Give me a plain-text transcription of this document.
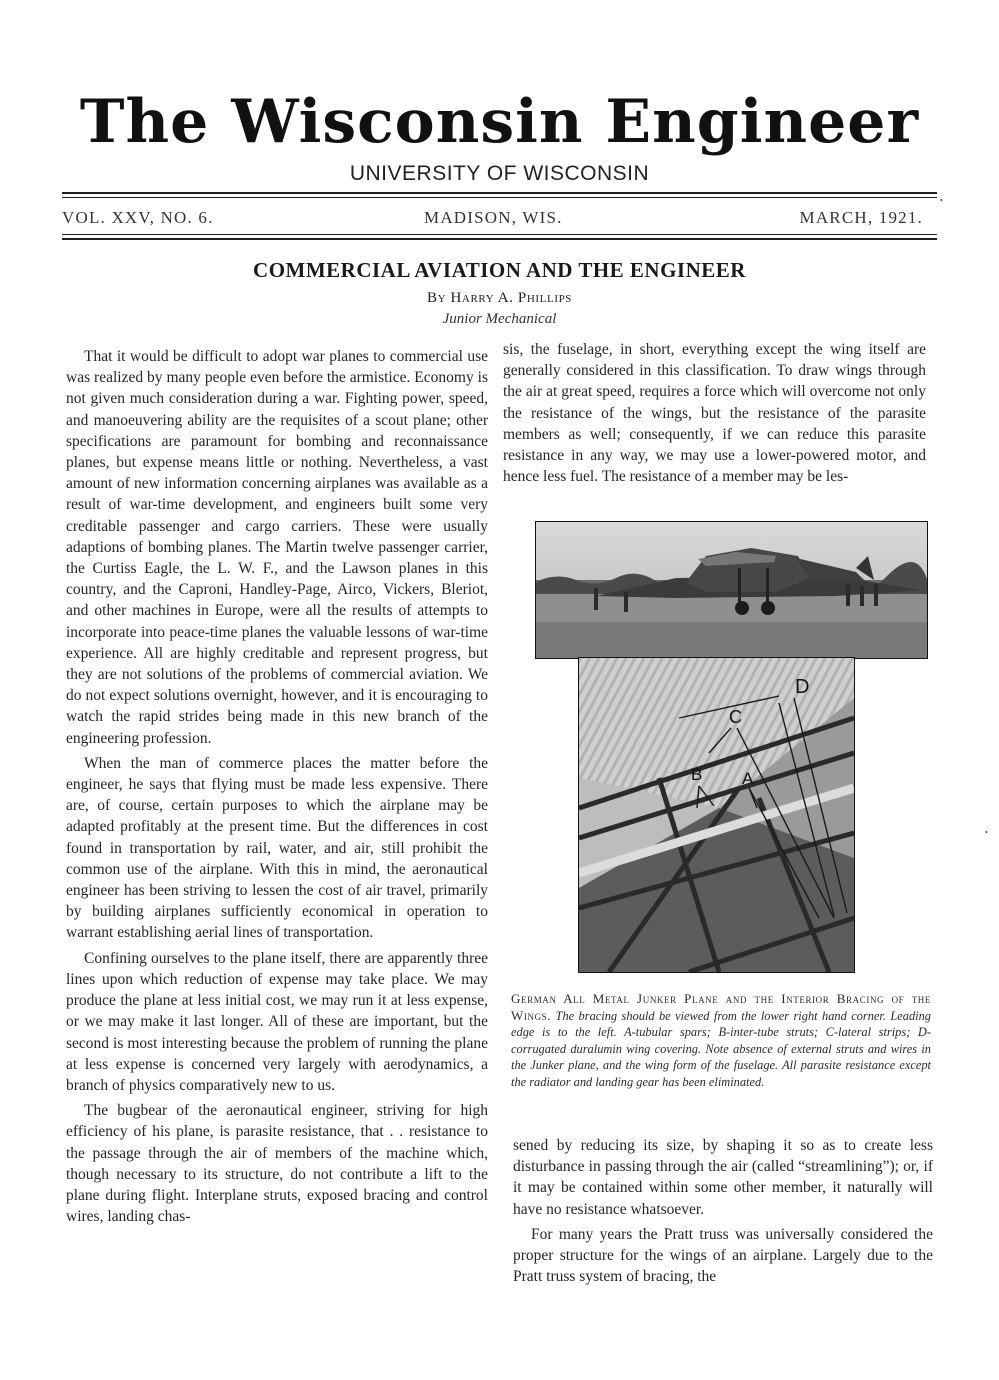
The Wisconsin Engineer
UNIVERSITY OF WISCONSIN
VOL. XXV, NO. 6.	MADISON, WIS.	MARCH, 1921.
COMMERCIAL AVIATION AND THE ENGINEER
By Harry A. Phillips
Junior Mechanical

That it would be difficult to adopt war planes to commercial use was realized by many people even before the armistice. Economy is not given much consideration during a war. Fighting power, speed, and manoeuvering ability are the requisites of a scout plane; other specifications are paramount for bombing and reconnaissance planes, but expense means little or nothing. Nevertheless, a vast amount of new information concerning airplanes was available as a result of war-time development, and engineers built some very creditable passenger and cargo carriers. These were usually adaptions of bombing planes. The Martin twelve passenger carrier, the Curtiss Eagle, the L. W. F., and the Lawson planes in this country, and the Caproni, Handley-Page, Airco, Vickers, Bleriot, and other machines in Europe, were all the results of attempts to incorporate into peace-time planes the valuable lessons of war-time experience. All are highly creditable and represent progress, but they are not solutions of the problems of commercial aviation. We do not expect solutions overnight, however, and it is encouraging to watch the rapid strides being made in this new branch of the engineering profession.

When the man of commerce places the matter before the engineer, he says that flying must be made less expensive. There are, of course, certain purposes to which the airplane may be adapted profitably at the present time. But the differences in cost found in transportation by rail, water, and air, still prohibit the common use of the airplane. With this in mind, the aeronautical engineer has been striving to lessen the cost of air travel, primarily by building airplanes sufficiently economical in operation to warrant establishing aerial lines of transportation.

Confining ourselves to the plane itself, there are apparently three lines upon which reduction of expense may take place. We may produce the plane at less initial cost, we may run it at less expense, or we may make it last longer. All of these are important, but the second is most interesting because the problem of running the plane at less expense is concerned very largely with aerodynamics, a branch of physics comparatively new to us.

The bugbear of the aeronautical engineer, striving for high efficiency of his plane, is parasite resistance, that . . resistance to the passage through the air of members of the machine which, though necessary to its structure, do not contribute a lift to the plane during flight. Interplane struts, exposed bracing and control wires, landing chas-

sis, the fuselage, in short, everything except the wing itself are generally considered in this classification. To draw wings through the air at great speed, requires a force which will overcome not only the resistance of the wings, but the resistance of the parasite members as well; consequently, if we can reduce this parasite resistance in any way, we may use a lower-powered motor, and hence less fuel. The resistance of a member may be les-

D
C
B A
German All Metal Junker Plane and the Interior Bracing of the Wings. The bracing should be viewed from the lower right hand corner. Leading edge is to the left. A-tubular spars; B-inter-tube struts; C-lateral strips; D-corrugated duralumin wing covering. Note absence of external struts and wires in the Junker plane, and the wing form of the fuselage. All parasite resistance except the radiator and landing gear has been eliminated.

sened by reducing its size, by shaping it so as to create less disturbance in passing through the air (called “streamlining”); or, if it may be contained within some other member, it naturally will have no resistance whatsoever.

For many years the Pratt truss was universally considered the proper structure for the wings of an airplane. Largely due to the Pratt truss system of bracing, the

•
•
